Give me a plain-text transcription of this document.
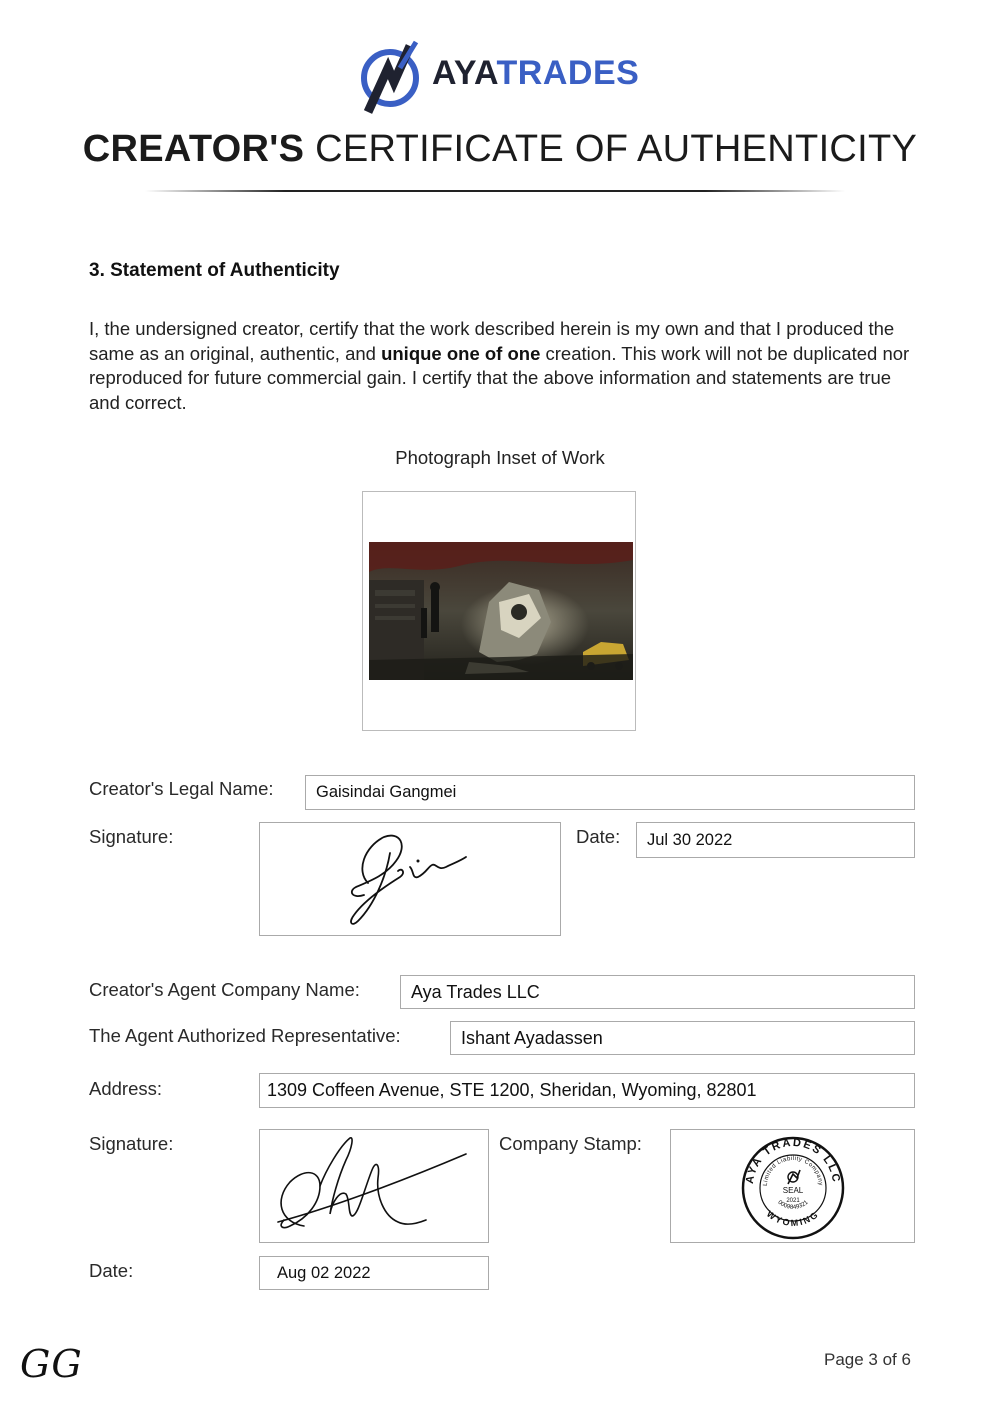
AYATRADES
CREATOR'S CERTIFICATE OF AUTHENTICITY
3. Statement of Authenticity
I, the undersigned creator, certify that the work described herein is my own and that I produced the same as an original, authentic, and unique one of one creation. This work will not be duplicated nor reproduced for future commercial gain. I certify that the above information and statements are true and correct.
Photograph Inset of Work
Creator's Legal Name:	Gaisindai Gangmei
Signature:	Date:	Jul 30 2022
Creator's Agent Company Name:	Aya Trades LLC
The Agent Authorized Representative:	Ishant Ayadassen
Address:	1309 Coffeen Avenue, STE 1200, Sheridan, Wyoming, 82801
Signature:	Company Stamp:
AYA TRADES LLC
WYOMING
Limited Liability Company
0009849321
SEAL
2021
Date:	Aug 02 2022
GG	Page 3 of 6
